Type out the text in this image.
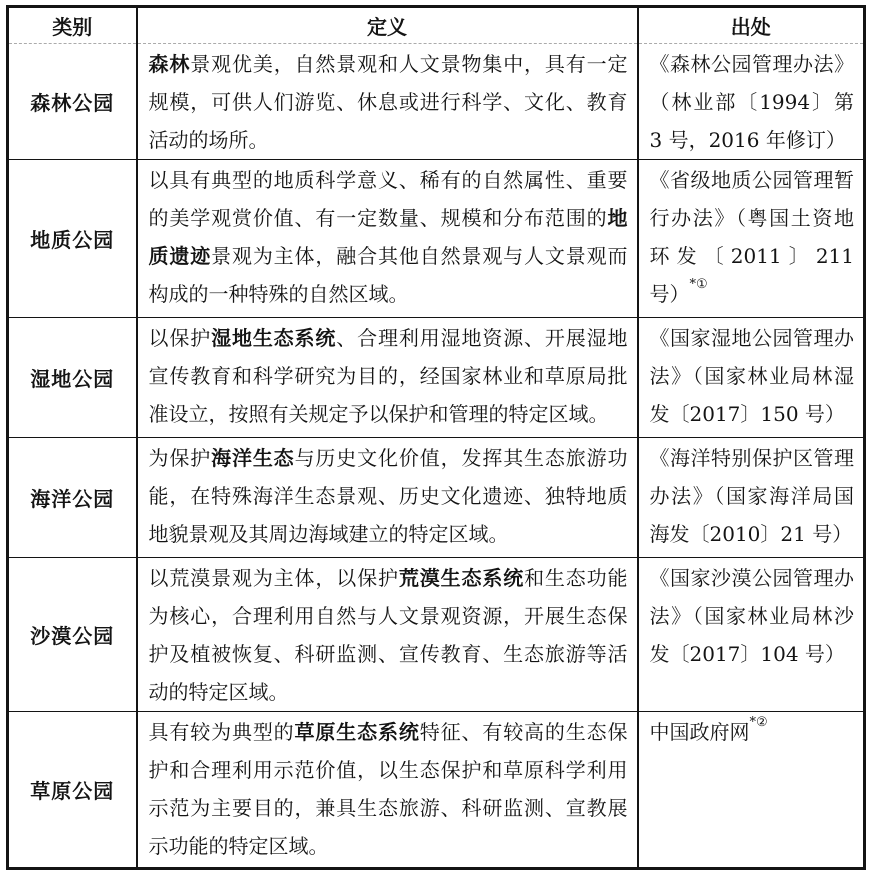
类别	定义	出处
森林公园	森林景观优美，自然景观和人文景物集中，具有一定规模，可供人们游览、休息或进行科学、文化、教育活动的场所。	《森林公园管理办法》（林业部〔1994〕第 3 号，2016 年修订）
地质公园	以具有典型的地质科学意义、稀有的自然属性、重要的美学观赏价值、有一定数量、规模和分布范围的地质遗迹景观为主体，融合其他自然景观与人文景观而构成的一种特殊的自然区域。	《省级地质公园管理暂行办法》（粤国土资地环发〔2011〕211 号）*①
湿地公园	以保护湿地生态系统、合理利用湿地资源、开展湿地宣传教育和科学研究为目的，经国家林业和草原局批准设立，按照有关规定予以保护和管理的特定区域。	《国家湿地公园管理办法》（国家林业局林湿发〔2017〕150 号）
海洋公园	为保护海洋生态与历史文化价值，发挥其生态旅游功能，在特殊海洋生态景观、历史文化遗迹、独特地质地貌景观及其周边海域建立的特定区域。	《海洋特别保护区管理办法》（国家海洋局国海发〔2010〕21 号）
沙漠公园	以荒漠景观为主体，以保护荒漠生态系统和生态功能为核心，合理利用自然与人文景观资源，开展生态保护及植被恢复、科研监测、宣传教育、生态旅游等活动的特定区域。	《国家沙漠公园管理办法》（国家林业局林沙发〔2017〕104 号）
草原公园	具有较为典型的草原生态系统特征、有较高的生态保护和合理利用示范价值，以生态保护和草原科学利用示范为主要目的，兼具生态旅游、科研监测、宣教展示功能的特定区域。	中国政府网*②
